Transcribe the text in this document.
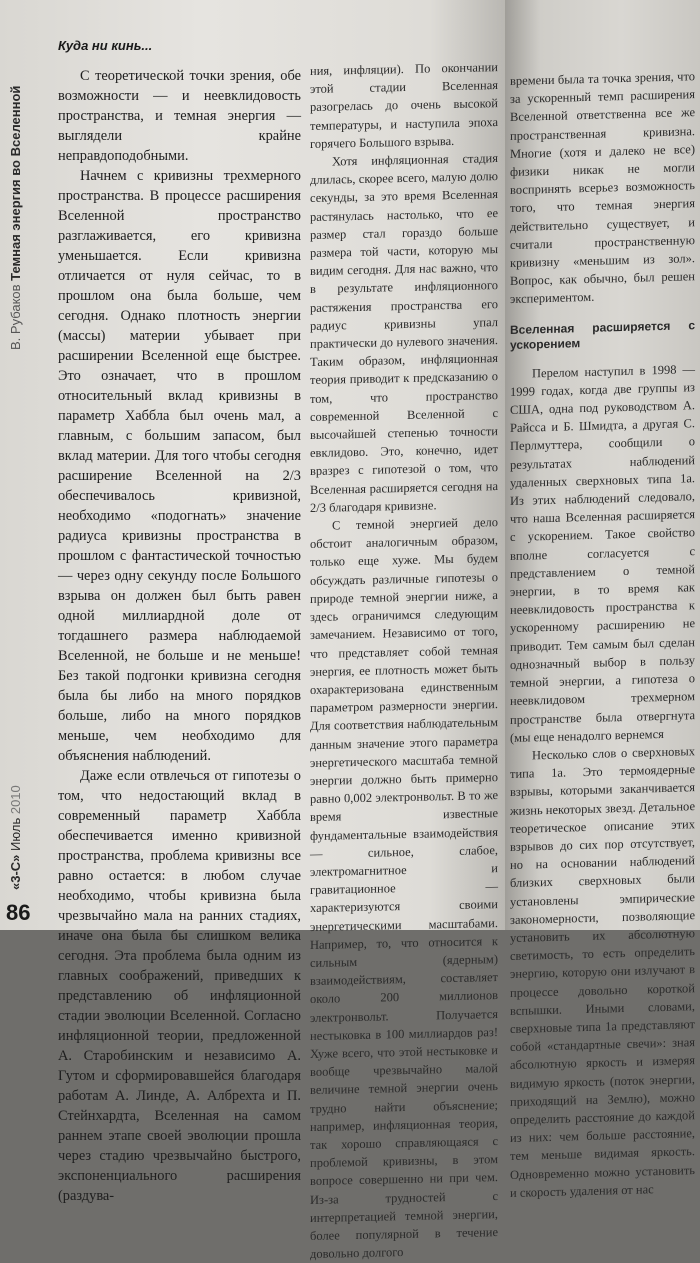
В. Рубаков Темная энергия во Вселенной
«3-С» Июль 2010
86
Куда ни кинь...

С теоретической точки зрения, обе возможности — и неевклидовость пространства, и темная энергия — выглядели крайне неправдоподобными.

Начнем с кривизны трехмерного пространства. В процессе расширения Вселенной пространство разглаживается, его кривизна уменьшается. Если кривизна отличается от нуля сейчас, то в прошлом она была больше, чем сегодня. Однако плотность энергии (массы) материи убывает при расширении Вселенной еще быстрее. Это означает, что в прошлом относительный вклад кривизны в параметр Хаббла был очень мал, а главным, с большим запасом, был вклад материи. Для того чтобы сегодня расширение Вселенной на 2/3 обеспечивалось кривизной, необходимо «подогнать» значение радиуса кривизны пространства в прошлом с фантастической точностью — через одну секунду после Большого взрыва он должен был быть равен одной миллиардной доле от тогдашнего размера наблюдаемой Вселенной, не больше и не меньше! Без такой подгонки кривизна сегодня была бы либо на много порядков больше, либо на много порядков меньше, чем необходимо для объяснения наблюдений.

Даже если отвлечься от гипотезы о том, что недостающий вклад в современный параметр Хаббла обеспечивается именно кривизной пространства, проблема кривизны все равно остается: в любом случае необходимо, чтобы кривизна была чрезвычайно мала на ранних стадиях, иначе она была бы слишком велика сегодня. Эта проблема была одним из главных соображений, приведших к представлению об инфляционной стадии эволюции Вселенной. Согласно инфляционной теории, предложенной А. Старобинским и независимо А. Гутом и сформировавшейся благодаря работам А. Линде, А. Албрехта и П. Стейнхардта, Вселенная на самом раннем этапе своей эволюции прошла через стадию чрезвычайно быстрого, экспоненциального расширения (раздува-

ния, инфляции). По окончании этой стадии Вселенная разогрелась до очень высокой температуры, и наступила эпоха горячего Большого взрыва.

Хотя инфляционная стадия длилась, скорее всего, малую долю секунды, за это время Вселенная растянулась настолько, что ее размер стал гораздо больше размера той части, которую мы видим сегодня. Для нас важно, что в результате инфляционного растяжения пространства его радиус кривизны упал практически до нулевого значения. Таким образом, инфляционная теория приводит к предсказанию о том, что пространство современной Вселенной с высочайшей степенью точности евклидово. Это, конечно, идет вразрез с гипотезой о том, что Вселенная расширяется сегодня на 2/3 благодаря кривизне.

С темной энергией дело обстоит аналогичным образом, только еще хуже. Мы будем обсуждать различные гипотезы о природе темной энергии ниже, а здесь ограничимся следующим замечанием. Независимо от того, что представляет собой темная энергия, ее плотность может быть охарактеризована единственным параметром размерности энергии. Для соответствия наблюдательным данным значение этого параметра энергетического масштаба темной энергии должно быть примерно равно 0,002 электронвольт. В то же время известные фундаментальные взаимодействия — сильное, слабое, электромагнитное и гравитационное — характеризуются своими энергетическими масштабами. Например, то, что относится к сильным (ядерным) взаимодействиям, составляет около 200 миллионов электронвольт. Получается нестыковка в 100 миллиардов раз! Хуже всего, что этой нестыковке и вообще чрезвычайно малой величине темной энергии очень трудно найти объяснение; например, инфляционная теория, так хорошо справляющаяся с проблемой кривизны, в этом вопросе совершенно ни при чем. Из-за трудностей с интерпретацией темной энергии, более популярной в течение довольно долгого

времени была та точка зрения, что за ускоренный темп расширения Вселенной ответственна все же пространственная кривизна. Многие (хотя и далеко не все) физики никак не могли воспринять всерьез возможность того, что темная энергия действительно существует, и считали пространственную кривизну «меньшим из зол». Вопрос, как обычно, был решен экспериментом.

Вселенная расширяется с ускорением

Перелом наступил в 1998 — 1999 годах, когда две группы из США, одна под руководством А. Райсса и Б. Шмидта, а другая С. Перлмуттера, сообщили о результатах наблюдений удаленных сверхновых типа 1а. Из этих наблюдений следовало, что наша Вселенная расширяется с ускорением. Такое свойство вполне согласуется с представлением о темной энергии, в то время как неевклидовость пространства к ускоренному расширению не приводит. Тем самым был сделан однозначный выбор в пользу темной энергии, а гипотеза о неевклидовом трехмерном пространстве была отвергнута (мы еще ненадолго вернемся

Несколько слов о сверхновых типа 1а. Это термоядерные взрывы, которыми заканчивается жизнь некоторых звезд. Детальное теоретическое описание этих взрывов до сих пор отсутствует, но на основании наблюдений близких сверхновых были установлены эмпирические закономерности, позволяющие установить их абсолютную светимость, то есть определить энергию, которую они излучают в процессе довольно короткой вспышки. Иными словами, сверхновые типа 1а представляют собой «стандартные свечи»: зная абсолютную яркость и измеряя видимую яркость (поток энергии, приходящий на Землю), можно определить расстояние до каждой из них: чем больше расстояние, тем меньше видимая яркость. Одновременно можно установить и скорость удаления от нас
